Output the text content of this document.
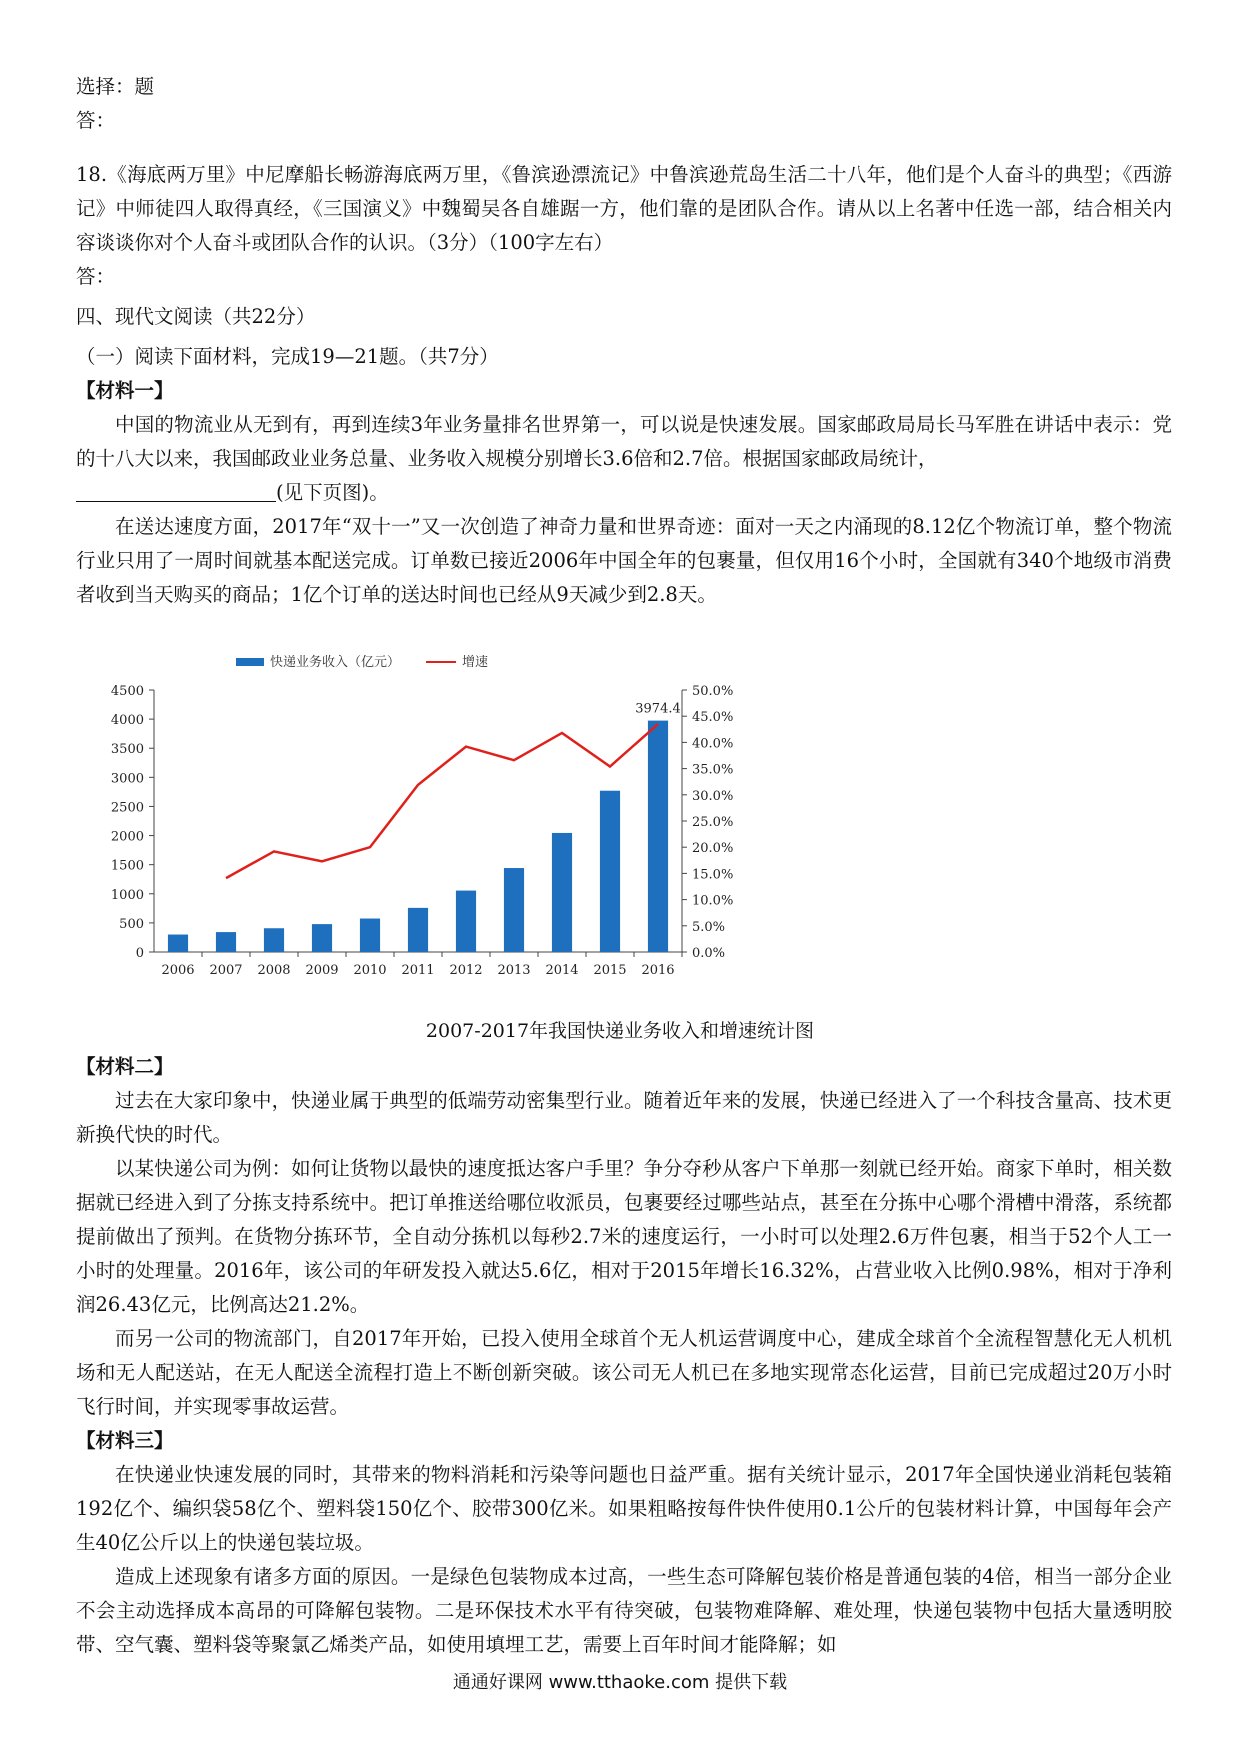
选择：题

答：

18.《海底两万里》中尼摩船长畅游海底两万里，《鲁滨逊漂流记》中鲁滨逊荒岛生活二十八年，他们是个人奋斗的典型；《西游记》中师徒四人取得真经，《三国演义》中魏蜀吴各自雄踞一方，他们靠的是团队合作。请从以上名著中任选一部，结合相关内容谈谈你对个人奋斗或团队合作的认识。（3分）（100字左右）

答：

四、现代文阅读（共22分）

（一）阅读下面材料，完成19—21题。（共7分）

【材料一】

中国的物流业从无到有，再到连续3年业务量排名世界第一，可以说是快速发展。国家邮政局局长马军胜在讲话中表示：党的十八大以来，我国邮政业业务总量、业务收入规模分别增长3.6倍和2.7倍。根据国家邮政局统计，
(见下页图)。

在送达速度方面，2017年“双十一”又一次创造了神奇力量和世界奇迹：面对一天之内涌现的8.12亿个物流订单，整个物流行业只用了一周时间就基本配送完成。订单数已接近2006年中国全年的包裹量，但仅用16个小时，全国就有340个地级市消费者收到当天购买的商品；1亿个订单的送达时间也已经从9天减少到2.8天。

快递业务收入（亿元）	增速
0
500
1000
1500
2000
2500
3000
3500
4000
4500
0.0%
5.0%
10.0%
15.0%
20.0%
25.0%
30.0%
35.0%
40.0%
45.0%
50.0%
2006 2007 2008 2009 2010 2011 2012 2013 2014 2015 2016
3974.4
2007-2017年我国快递业务收入和增速统计图

【材料二】

过去在大家印象中，快递业属于典型的低端劳动密集型行业。随着近年来的发展，快递已经进入了一个科技含量高、技术更新换代快的时代。

以某快递公司为例：如何让货物以最快的速度抵达客户手里？争分夺秒从客户下单那一刻就已经开始。商家下单时，相关数据就已经进入到了分拣支持系统中。把订单推送给哪位收派员，包裹要经过哪些站点，甚至在分拣中心哪个滑槽中滑落，系统都提前做出了预判。在货物分拣环节，全自动分拣机以每秒2.7米的速度运行，一小时可以处理2.6万件包裹，相当于52个人工一小时的处理量。2016年，该公司的年研发投入就达5.6亿，相对于2015年增长16.32%，占营业收入比例0.98%，相对于净利润26.43亿元，比例高达21.2%。

而另一公司的物流部门，自2017年开始，已投入使用全球首个无人机运营调度中心，建成全球首个全流程智慧化无人机机场和无人配送站，在无人配送全流程打造上不断创新突破。该公司无人机已在多地实现常态化运营，目前已完成超过20万小时飞行时间，并实现零事故运营。

【材料三】

在快递业快速发展的同时，其带来的物料消耗和污染等问题也日益严重。据有关统计显示，2017年全国快递业消耗包装箱192亿个、编织袋58亿个、塑料袋150亿个、胶带300亿米。如果粗略按每件快件使用0.1公斤的包装材料计算，中国每年会产生40亿公斤以上的快递包装垃圾。

造成上述现象有诸多方面的原因。一是绿色包装物成本过高，一些生态可降解包装价格是普通包装的4倍，相当一部分企业不会主动选择成本高昂的可降解包装物。二是环保技术水平有待突破，包装物难降解、难处理，快递包装物中包括大量透明胶带、空气囊、塑料袋等聚氯乙烯类产品，如使用填埋工艺，需要上百年时间才能降解；如

通通好课网 www.tthaoke.com 提供下载
